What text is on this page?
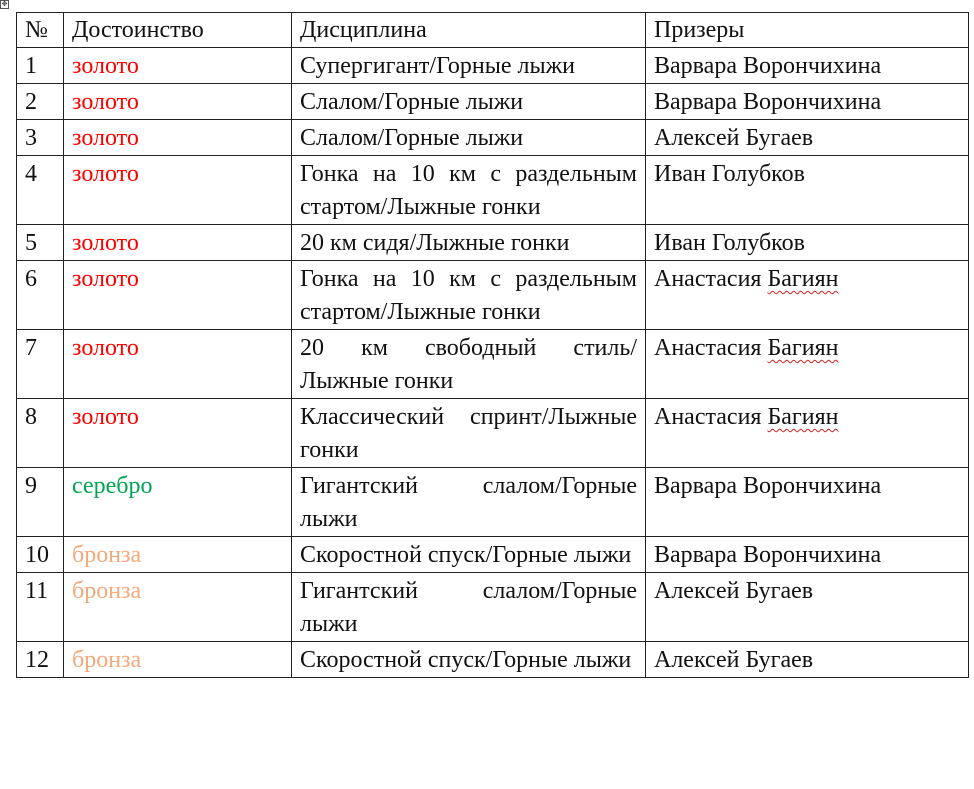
✥
№	Достоинство	Дисциплина	Призеры
1	золото	Супергигант/Горные лыжи	Варвара Ворончихина
2	золото	Слалом/Горные лыжи	Варвара Ворончихина
3	золото	Слалом/Горные лыжи	Алексей Бугаев
4	золото	Гонка на 10 км с раздельным стартом/Лыжные гонки	Иван Голубков
5	золото	20 км сидя/Лыжные гонки	Иван Голубков
6	золото	Гонка на 10 км с раздельным стартом/Лыжные гонки	Анастасия Багиян
7	золото	20 км свободный стиль/ Лыжные гонки	Анастасия Багиян
8	золото	Классический спринт/Лыжные гонки	Анастасия Багиян
9	серебро	Гигантский слалом/Горные лыжи	Варвара Ворончихина
10	бронза	Скоростной спуск/Горные лыжи	Варвара Ворончихина
11	бронза	Гигантский слалом/Горные лыжи	Алексей Бугаев
12	бронза	Скоростной спуск/Горные лыжи	Алексей Бугаев
